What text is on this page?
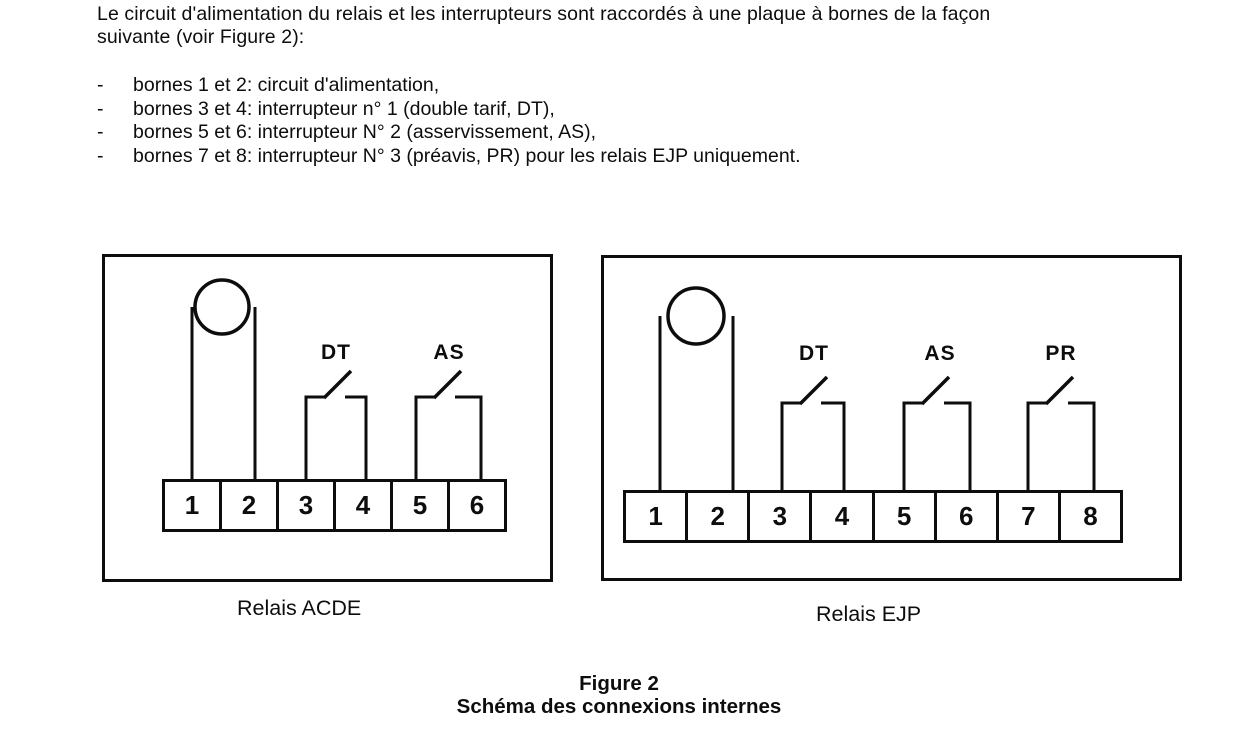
Le circuit d'alimentation du relais et les interrupteurs sont raccordés à une plaque à bornes de la façon
suivante (voir Figure 2):
-	bornes 1 et 2: circuit d'alimentation,
-	bornes 3 et 4: interrupteur n° 1 (double tarif, DT),
-	bornes 5 et 6: interrupteur N° 2 (asservissement, AS),
-	bornes 7 et 8: interrupteur N° 3 (préavis, PR) pour les relais EJP uniquement.
DT	AS
1	2	3	4	5	6
DT	AS	PR
1	2	3	4	5	6	7	8
Relais ACDE	Relais EJP
Figure 2
Schéma des connexions internes
